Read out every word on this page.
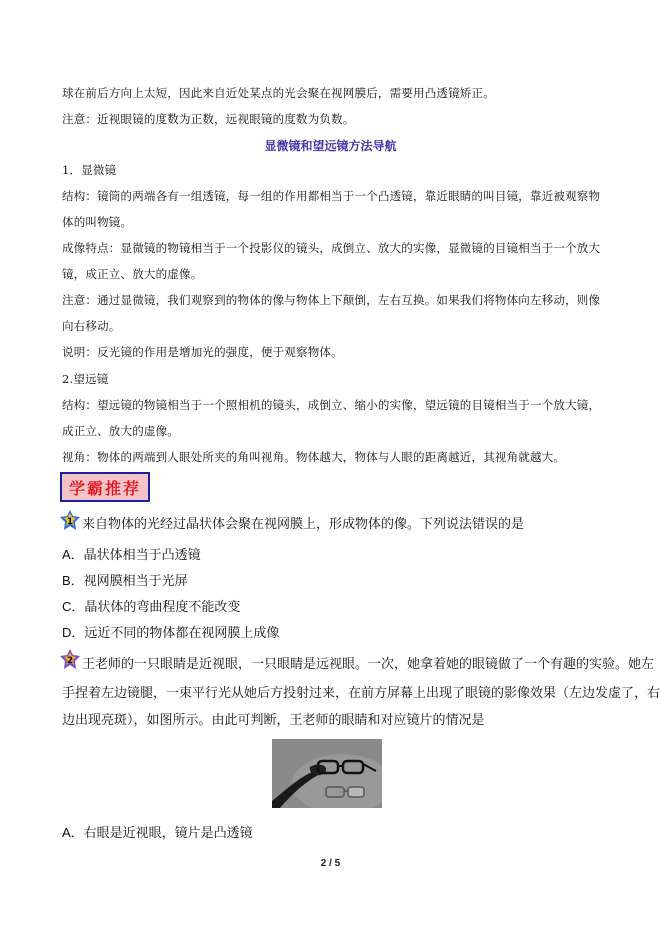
球在前后方向上太短，因此来自近处某点的光会聚在视网膜后，需要用凸透镜矫正。
注意：近视眼镜的度数为正数，远视眼镜的度数为负数。
显微镜和望远镜方法导航
1．显微镜
结构：镜筒的两端各有一组透镜，每一组的作用都相当于一个凸透镜，靠近眼睛的叫目镜，靠近被观察物
体的叫物镜。
成像特点：显微镜的物镜相当于一个投影仪的镜头，成倒立、放大的实像，显微镜的目镜相当于一个放大
镜，成正立、放大的虚像。
注意：通过显微镜，我们观察到的物体的像与物体上下颠倒，左右互换。如果我们将物体向左移动，则像
向右移动。
说明：反光镜的作用是增加光的强度，便于观察物体。
2.望远镜
结构：望远镜的物镜相当于一个照相机的镜头，成倒立、缩小的实像，望远镜的目镜相当于一个放大镜，
成正立、放大的虚像。
视角：物体的两端到人眼处所夹的角叫视角。物体越大，物体与人眼的距离越近，其视角就越大。
学霸推荐
1 来自物体的光经过晶状体会聚在视网膜上，形成物体的像。下列说法错误的是
A．晶状体相当于凸透镜
B．视网膜相当于光屏
C．晶状体的弯曲程度不能改变
D．远近不同的物体都在视网膜上成像
2 王老师的一只眼睛是近视眼，一只眼睛是远视眼。一次，她拿着她的眼镜做了一个有趣的实验。她左
手捏着左边镜腿，一束平行光从她后方投射过来，在前方屏幕上出现了眼镜的影像效果（左边发虚了，右
边出现亮斑），如图所示。由此可判断，王老师的眼睛和对应镜片的情况是
A．右眼是近视眼，镜片是凸透镜
2 / 5
